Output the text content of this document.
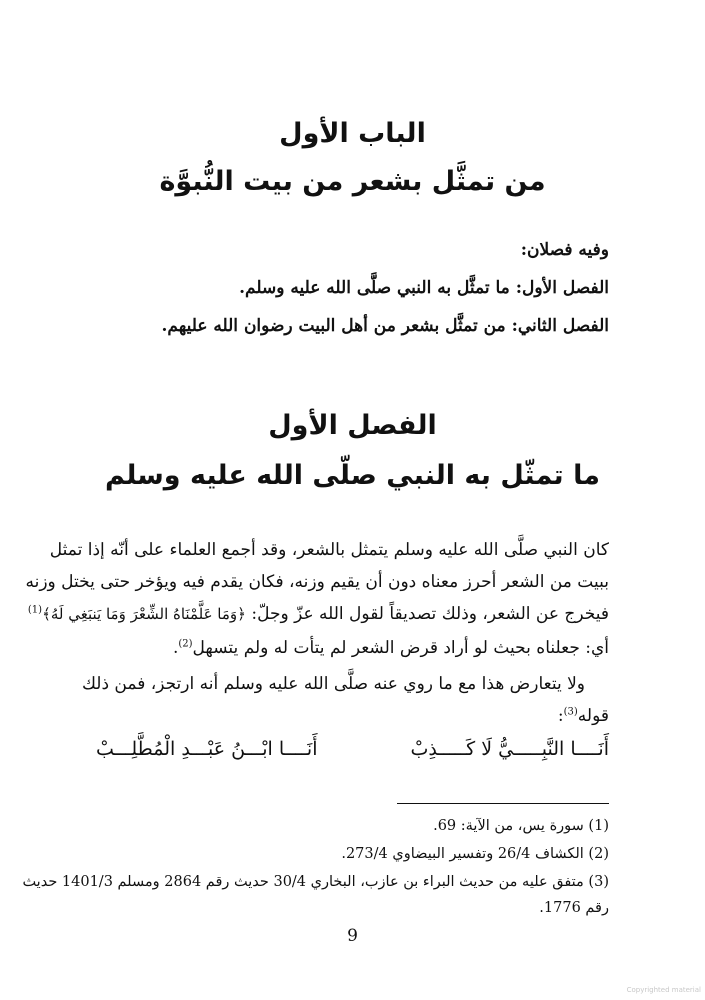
الباب الأول
من تمثَّل بشعر من بيت النُّبوَّة
وفيه فصلان:
الفصل الأول: ما تمثَّل به النبي صلَّى الله عليه وسلم.
الفصل الثاني: من تمثَّل بشعر من أهل البيت رضوان الله عليهم.
الفصل الأول
ما تمثّل به النبي صلّى الله عليه وسلم
كان النبي صلَّى الله عليه وسلم يتمثل بالشعر، وقد أجمع العلماء على أنّه إذا تمثل
ببيت من الشعر أحرز معناه دون أن يقيم وزنه، فكان يقدم فيه ويؤخر حتى يختل وزنه
فيخرج عن الشعر، وذلك تصديقاً لقول الله عزّ وجلّ: ﴿وَمَا عَلَّمْنَاهُ الشِّعْرَ وَمَا يَنبَغِي لَهُ﴾$^{(1)}$
أي: جعلناه بحيث لو أراد قرض الشعر لم يتأت له ولم يتسهل$^{(2)}$.
ولا يتعارض هذا مع ما روي عنه صلَّى الله عليه وسلم أنه ارتجز، فمن ذلك
قوله$^{(3)}$:
أَنَــــا النَّبِـــــيُّ لَا كَـــــذِبْ
أَنَــــا ابْـــنُ عَبْـــدِ الْمُطَّلِـــبْ
(1) سورة يس، من الآية: 69.
(2) الكشاف 26/4 وتفسير البيضاوي 273/4.
(3) متفق عليه من حديث البراء بن عازب، البخاري 30/4 حديث رقم 2864 ومسلم 1401/3 حديث
رقم 1776.
9
Copyrighted material
